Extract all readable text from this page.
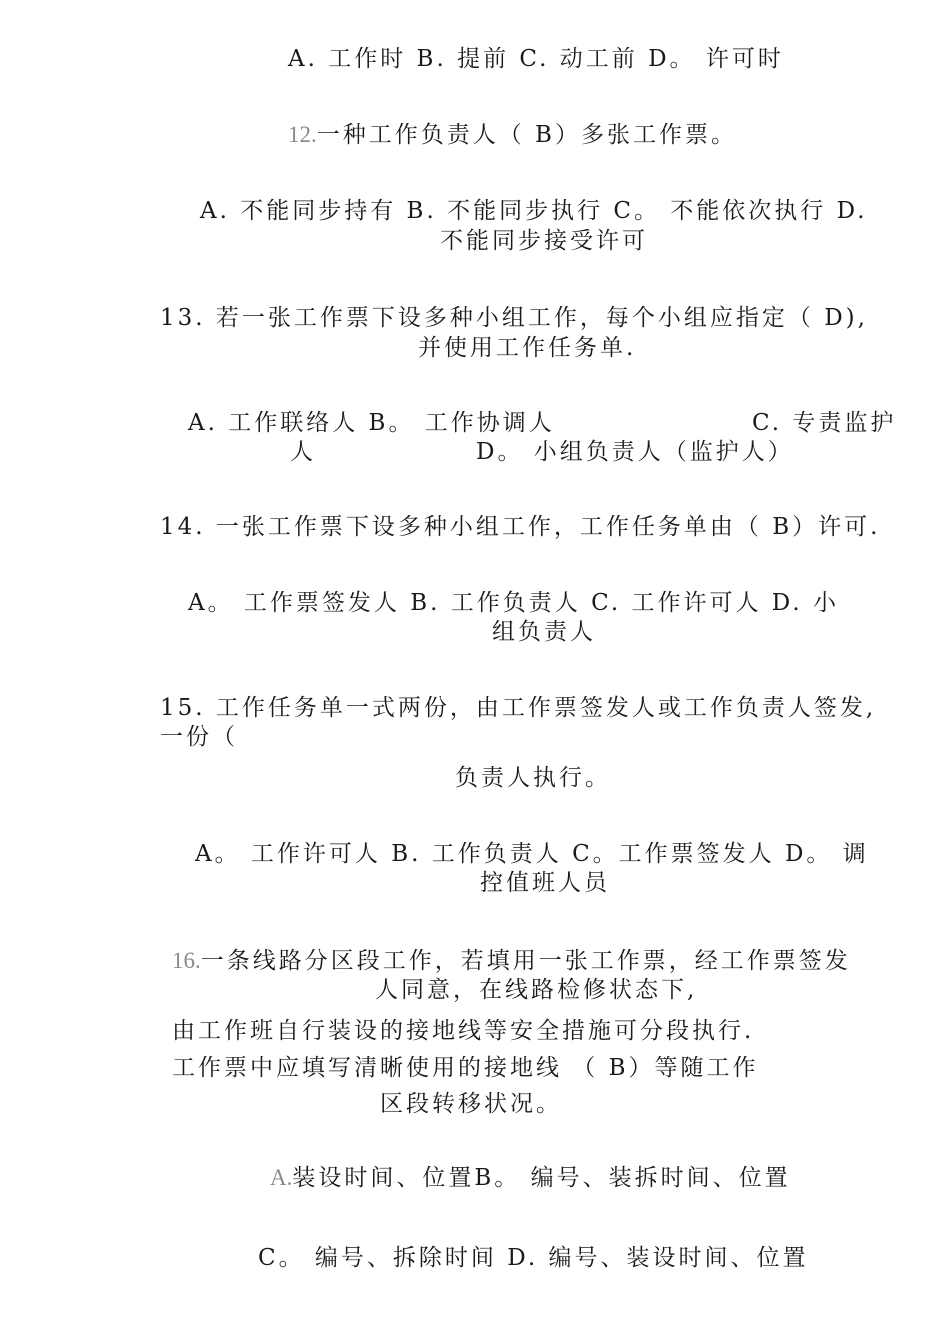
A. 工作时 B. 提前 C. 动工前 D。 许可时
12.一种工作负责人（ B）多张工作票。
A. 不能同步持有 B. 不能同步执行 C。 不能依次执行 D.
不能同步接受许可
13. 若一张工作票下设多种小组工作，每个小组应指定（ D),
并使用工作任务单.
A. 工作联络人 B。 工作协调人	C. 专责监护
人	D。 小组负责人（监护人）
14. 一张工作票下设多种小组工作，工作任务单由（ B）许可.
A。 工作票签发人 B. 工作负责人 C. 工作许可人 D. 小
组负责人
15. 工作任务单一式两份，由工作票签发人或工作负责人签发,
一份（
负责人执行。
A。 工作许可人 B. 工作负责人 C。工作票签发人 D。 调
控值班人员
16.一条线路分区段工作，若填用一张工作票，经工作票签发
人同意，在线路检修状态下,
由工作班自行装设的接地线等安全措施可分段执行.
工作票中应填写清晰使用的接地线 （ B）等随工作
区段转移状况。
A.装设时间、位置B。 编号、装拆时间、位置
C。 编号、拆除时间 D. 编号、装设时间、位置
